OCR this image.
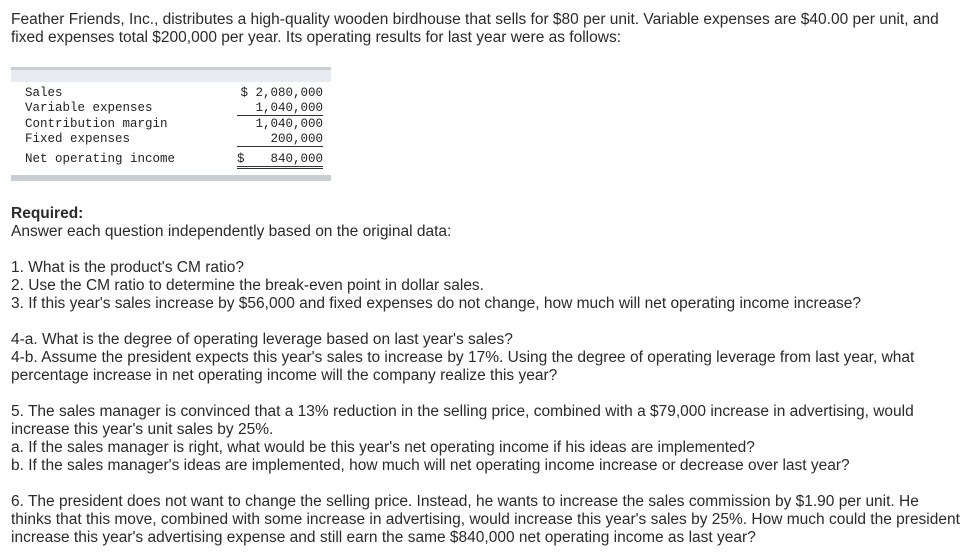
Feather Friends, Inc., distributes a high-quality wooden birdhouse that sells for $80 per unit. Variable expenses are $40.00 per unit, and fixed expenses total $200,000 per year. Its operating results for last year were as follows:

Sales	$ 2,080,000
Variable expenses	1,040,000
Contribution margin	1,040,000
Fixed expenses	200,000
Net operating income	$	840,000

Required:

Answer each question independently based on the original data:

1. What is the product's CM ratio?

2. Use the CM ratio to determine the break-even point in dollar sales.

3. If this year's sales increase by $56,000 and fixed expenses do not change, how much will net operating income increase?

4-a. What is the degree of operating leverage based on last year's sales?

4-b. Assume the president expects this year's sales to increase by 17%. Using the degree of operating leverage from last year, what percentage increase in net operating income will the company realize this year?

5. The sales manager is convinced that a 13% reduction in the selling price, combined with a $79,000 increase in advertising, would increase this year's unit sales by 25%.

a. If the sales manager is right, what would be this year's net operating income if his ideas are implemented?

b. If the sales manager's ideas are implemented, how much will net operating income increase or decrease over last year?

6. The president does not want to change the selling price. Instead, he wants to increase the sales commission by $1.90 per unit. He thinks that this move, combined with some increase in advertising, would increase this year's sales by 25%. How much could the president increase this year's advertising expense and still earn the same $840,000 net operating income as last year?
